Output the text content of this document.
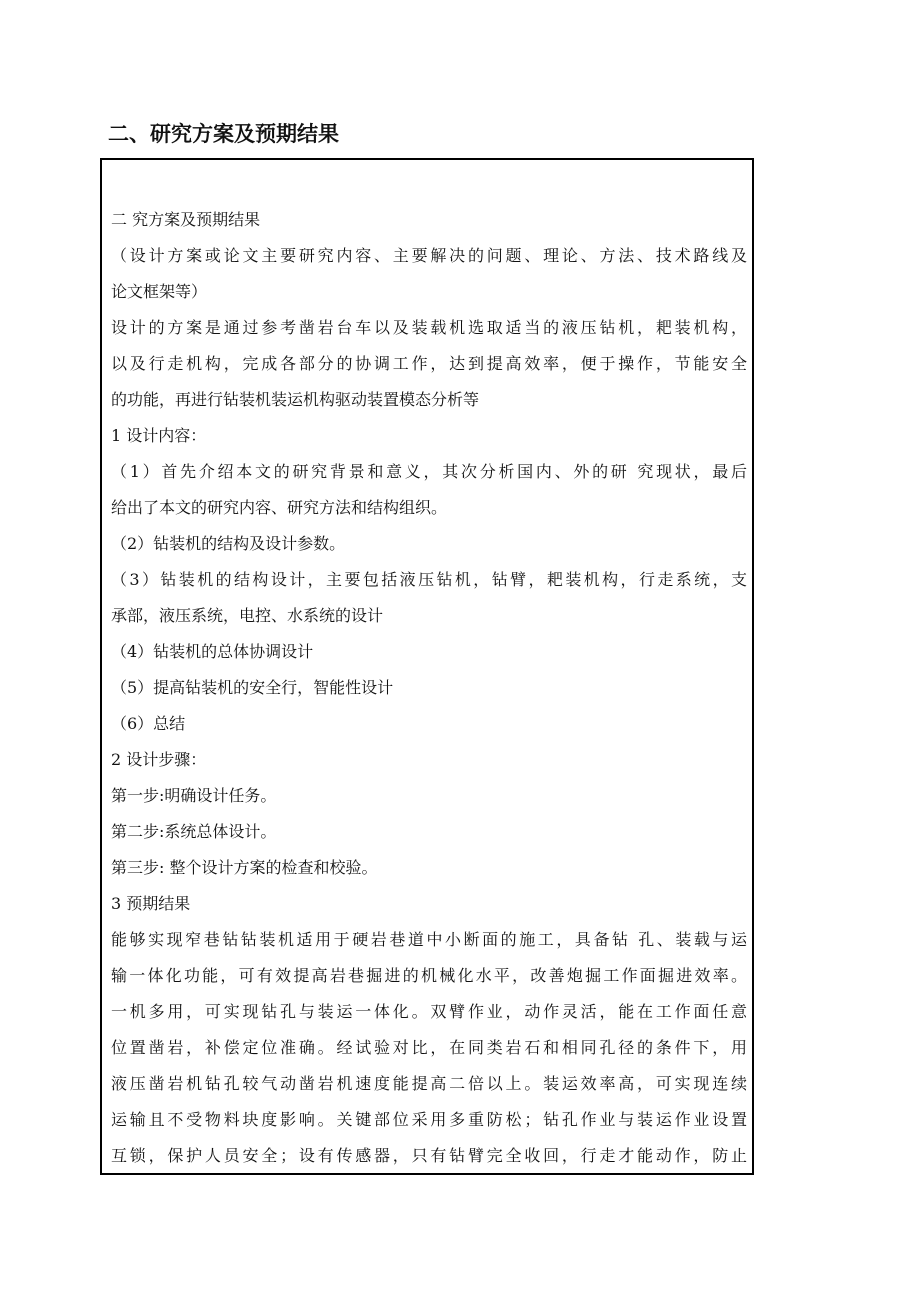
二、研究方案及预期结果
二 究方案及预期结果
（设计方案或论文主要研究内容、主要解决的问题、理论、方法、技术路线及
论文框架等）
设计的方案是通过参考凿岩台车以及装载机选取适当的液压钻机，耙装机构，
以及行走机构，完成各部分的协调工作，达到提高效率，便于操作，节能安全
的功能，再进行钻装机装运机构驱动装置模态分析等
1 设计内容：
（1）首先介绍本文的研究背景和意义，其次分析国内、外的研 究现状，最后
给出了本文的研究内容、研究方法和结构组织。
（2）钻装机的结构及设计参数。
（3）钻装机的结构设计，主要包括液压钻机，钻臂，耙装机构，行走系统，支
承部，液压系统，电控、水系统的设计
（4）钻装机的总体协调设计
（5）提高钻装机的安全行，智能性设计
（6）总结
2 设计步骤：
第一步:明确设计任务。
第二步:系统总体设计。
第三步: 整个设计方案的检查和校验。
3 预期结果
能够实现窄巷钻钻装机适用于硬岩巷道中小断面的施工，具备钻 孔、装载与运
输一体化功能，可有效提高岩巷掘进的机械化水平，改善炮掘工作面掘进效率。
一机多用，可实现钻孔与装运一体化。双臂作业，动作灵活，能在工作面任意
位置凿岩，补偿定位准确。经试验对比，在同类岩石和相同孔径的条件下，用
液压凿岩机钻孔较气动凿岩机速度能提高二倍以上。装运效率高，可实现连续
运输且不受物料块度影响。关键部位采用多重防松；钻孔作业与装运作业设置
互锁，保护人员安全；设有传感器，只有钻臂完全收回，行走才能动作，防止
